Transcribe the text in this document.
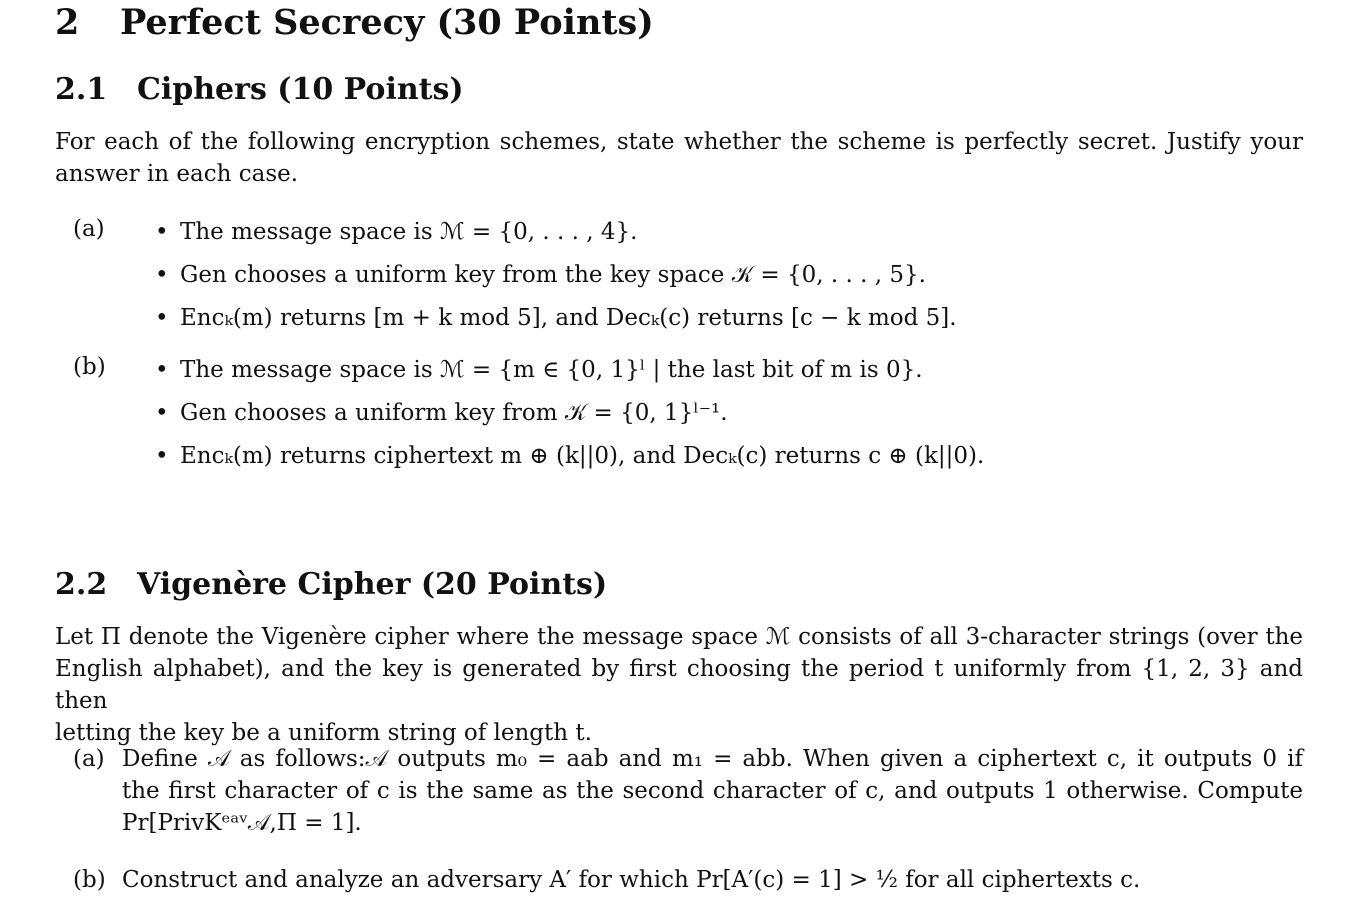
2 Perfect Secrecy (30 Points)
2.1 Ciphers (10 Points)
For each of the following encryption schemes, state whether the scheme is perfectly secret. Justify your
answer in each case.
(a) • The message space is ℳ = {0, . . . , 4}.
• Gen chooses a uniform key from the key space 𝒦 = {0, . . . , 5}.
• Encₖ(m) returns [m + k mod 5], and Decₖ(c) returns [c − k mod 5].
(b) • The message space is ℳ = {m ∈ {0, 1}ˡ | the last bit of m is 0}.
• Gen chooses a uniform key from 𝒦 = {0, 1}ˡ⁻¹.
• Encₖ(m) returns ciphertext m ⊕ (k||0), and Decₖ(c) returns c ⊕ (k||0).
2.2 Vigenère Cipher (20 Points)
Let Π denote the Vigenère cipher where the message space ℳ consists of all 3-character strings (over the
English alphabet), and the key is generated by first choosing the period t uniformly from {1, 2, 3} and then
letting the key be a uniform string of length t.
(a) Define 𝒜 as follows:𝒜 outputs m₀ = aab and m₁ = abb. When given a ciphertext c, it outputs 0 if
the first character of c is the same as the second character of c, and outputs 1 otherwise. Compute
Pr[PrivKᵉᵃᵛ𝒜,Π = 1].
(b) Construct and analyze an adversary A′ for which Pr[A′(c) = 1] > ½ for all ciphertexts c.
